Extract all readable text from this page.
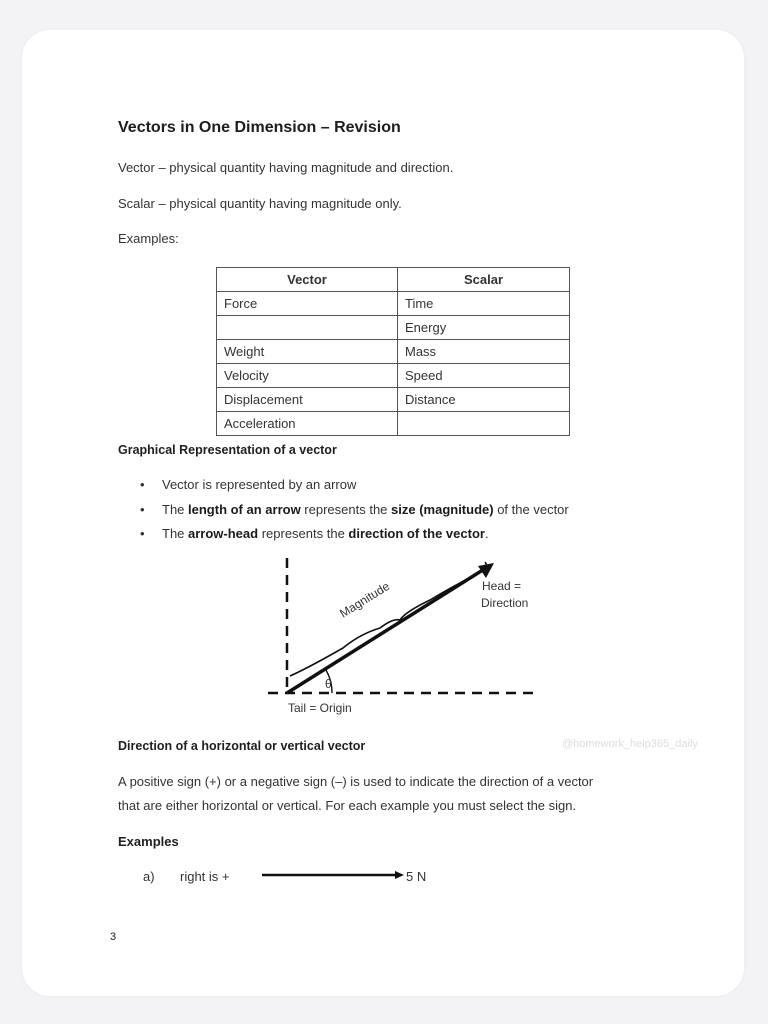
Vectors in One Dimension – Revision
Vector – physical quantity having magnitude and direction.
Scalar – physical quantity having magnitude only.
Examples:
Vector	Scalar
Force	Time
	Energy
Weight	Mass
Velocity	Speed
Displacement	Distance
Acceleration	
Graphical Representation of a vector
• Vector is represented by an arrow
• The length of an arrow represents the size (magnitude) of the vector
• The arrow-head represents the direction of the vector.
Magnitude	Head =
Direction
θ
Tail = Origin
Direction of a horizontal or vertical vector	@homework_help365_daily
A positive sign (+) or a negative sign (–) is used to indicate the direction of a vector
that are either horizontal or vertical. For each example you must select the sign.
Examples
a) right is +	5 N
3
